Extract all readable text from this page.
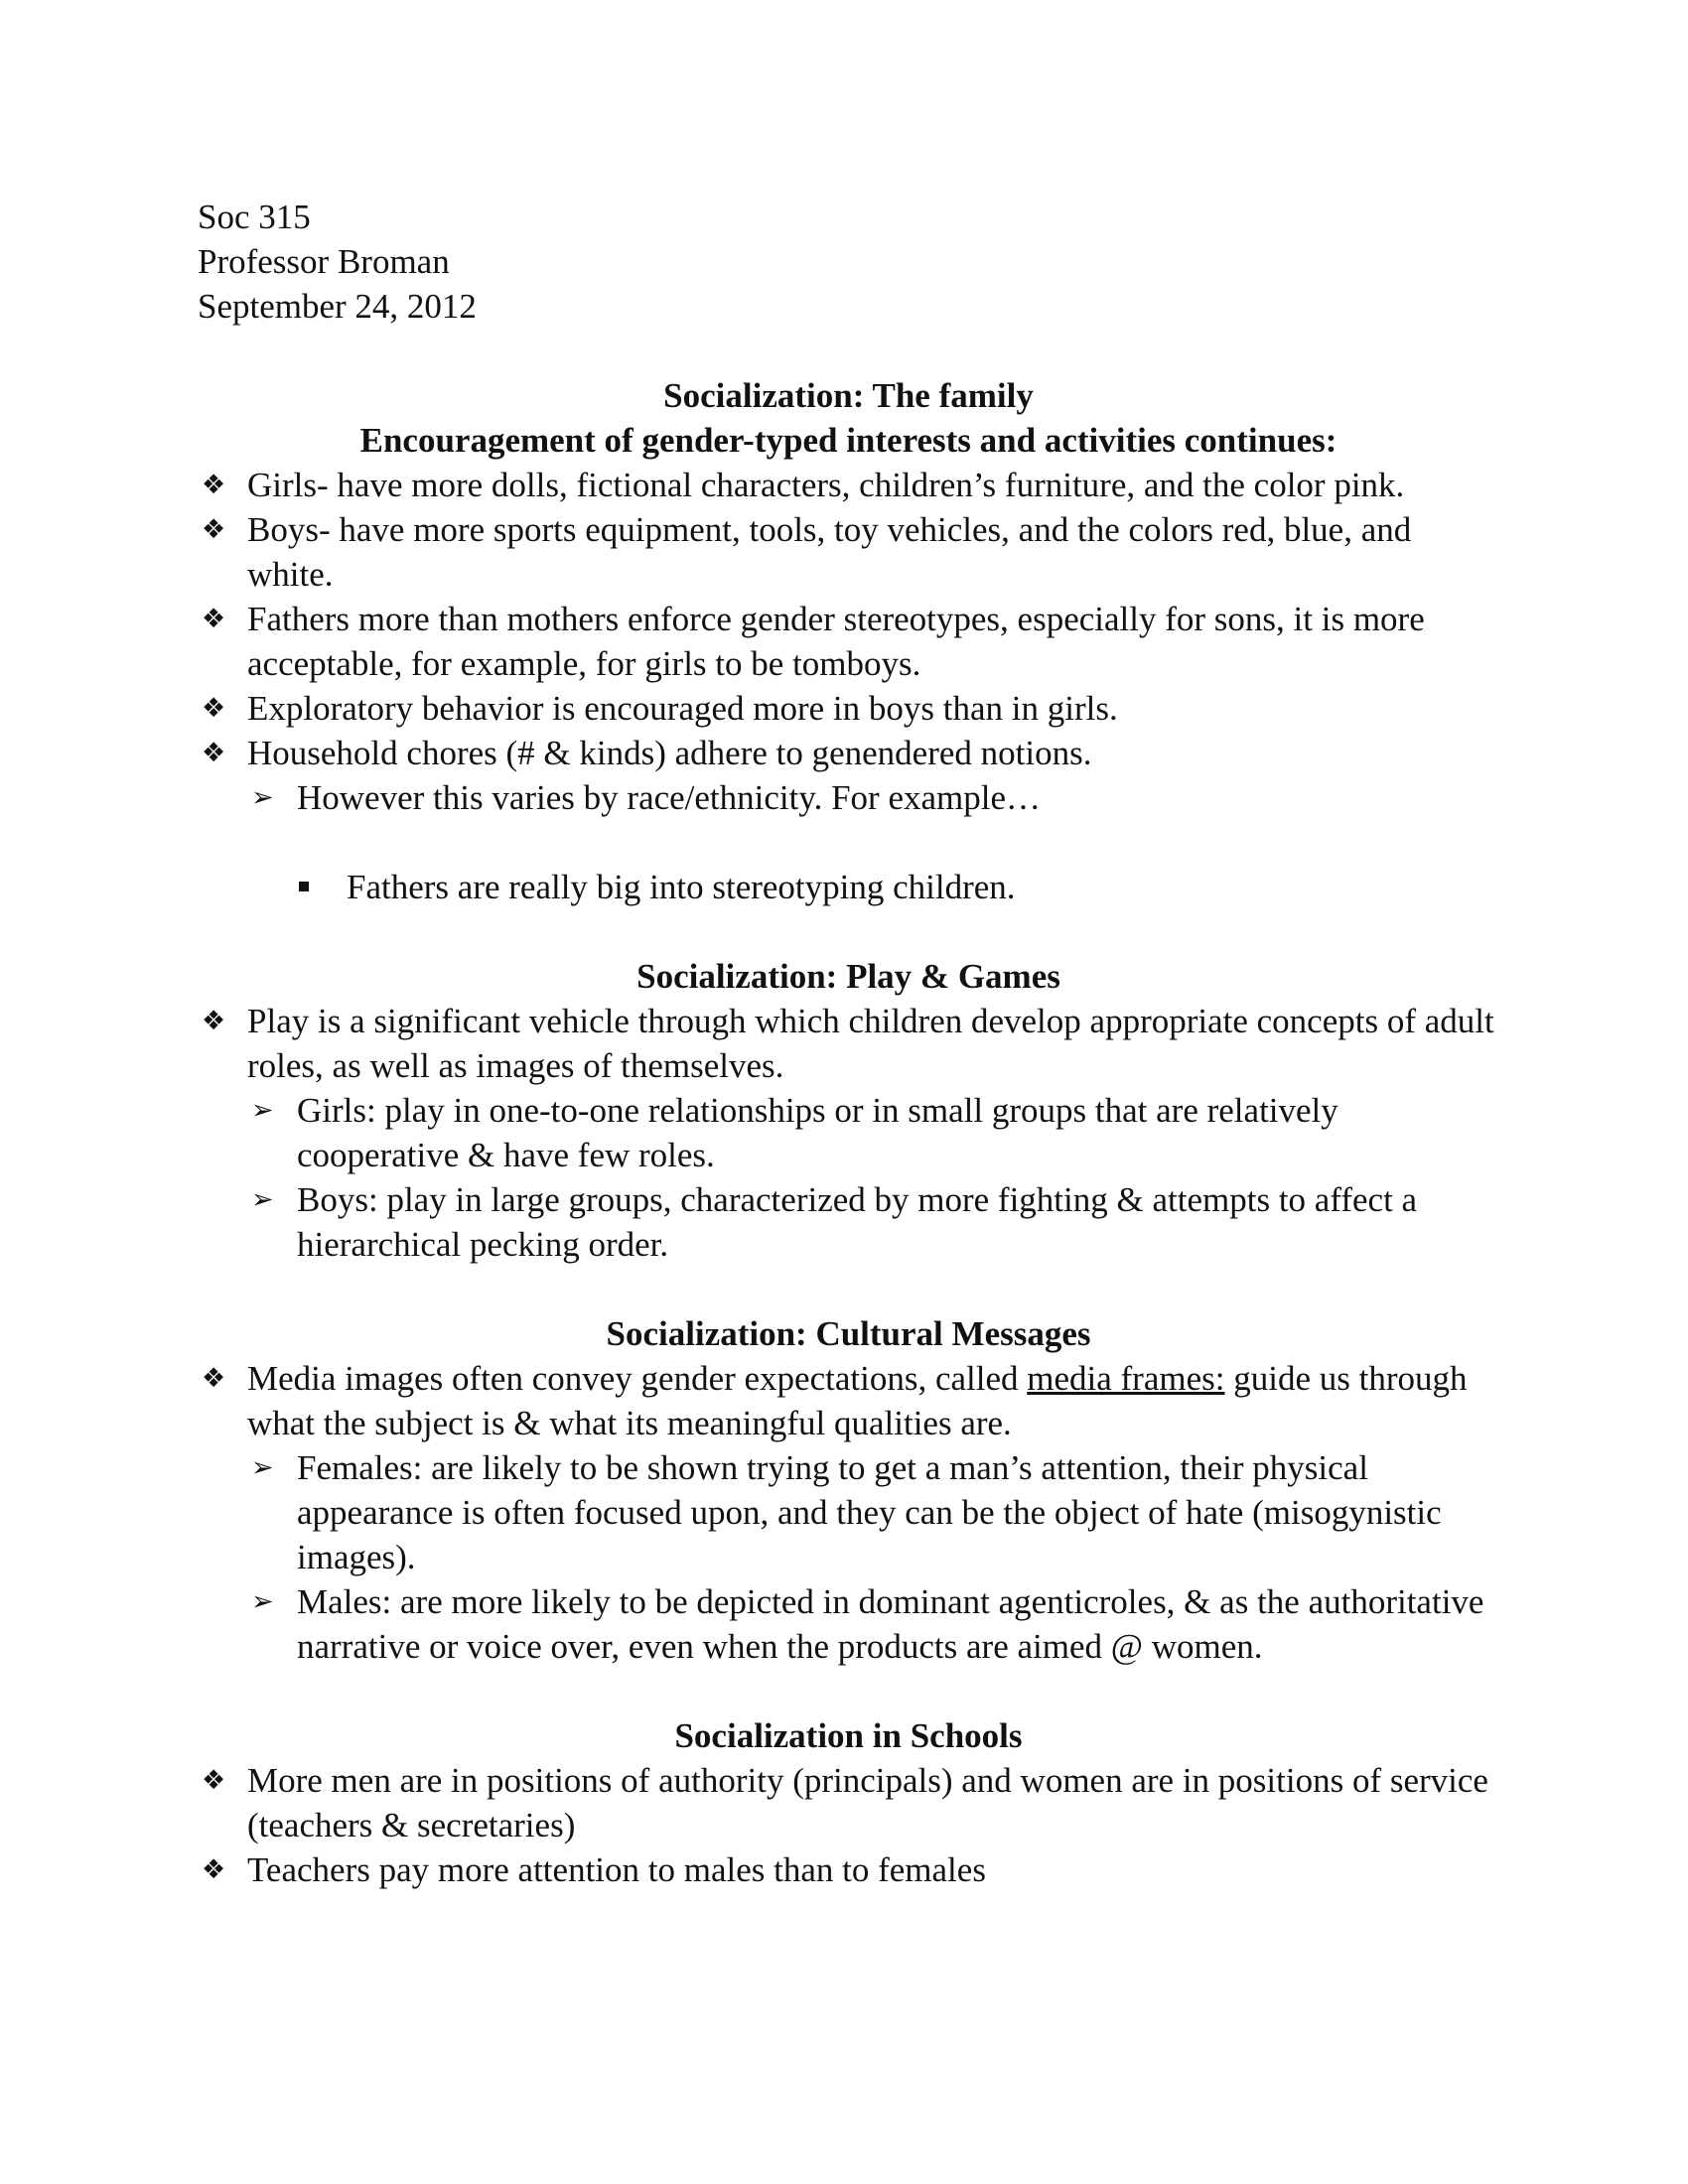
Soc 315

Professor Broman

September 24, 2012

Socialization: The family

Encouragement of gender-typed interests and activities continues:

❖ Girls- have more dolls, fictional characters, children’s furniture, and the color pink.
❖ Boys- have more sports equipment, tools, toy vehicles, and the colors red, blue, and white.
❖ Fathers more than mothers enforce gender stereotypes, especially for sons, it is more acceptable, for example, for girls to be tomboys.
❖ Exploratory behavior is encouraged more in boys than in girls.
❖ Household chores (# & kinds) adhere to genendered notions.
➢ However this varies by race/ethnicity. For example…
Fathers are really big into stereotyping children.

Socialization: Play & Games

❖ Play is a significant vehicle through which children develop appropriate concepts of adult roles, as well as images of themselves.
➢ Girls: play in one-to-one relationships or in small groups that are relatively cooperative & have few roles.
➢ Boys: play in large groups, characterized by more fighting & attempts to affect a hierarchical pecking order.

Socialization: Cultural Messages

❖ Media images often convey gender expectations, called media frames: guide us through what the subject is & what its meaningful qualities are.
➢ Females: are likely to be shown trying to get a man’s attention, their physical appearance is often focused upon, and they can be the object of hate (misogynistic images).
➢ Males: are more likely to be depicted in dominant agenticroles, & as the authoritative narrative or voice over, even when the products are aimed @ women.

Socialization in Schools

❖ More men are in positions of authority (principals) and women are in positions of service (teachers & secretaries)
❖ Teachers pay more attention to males than to females
